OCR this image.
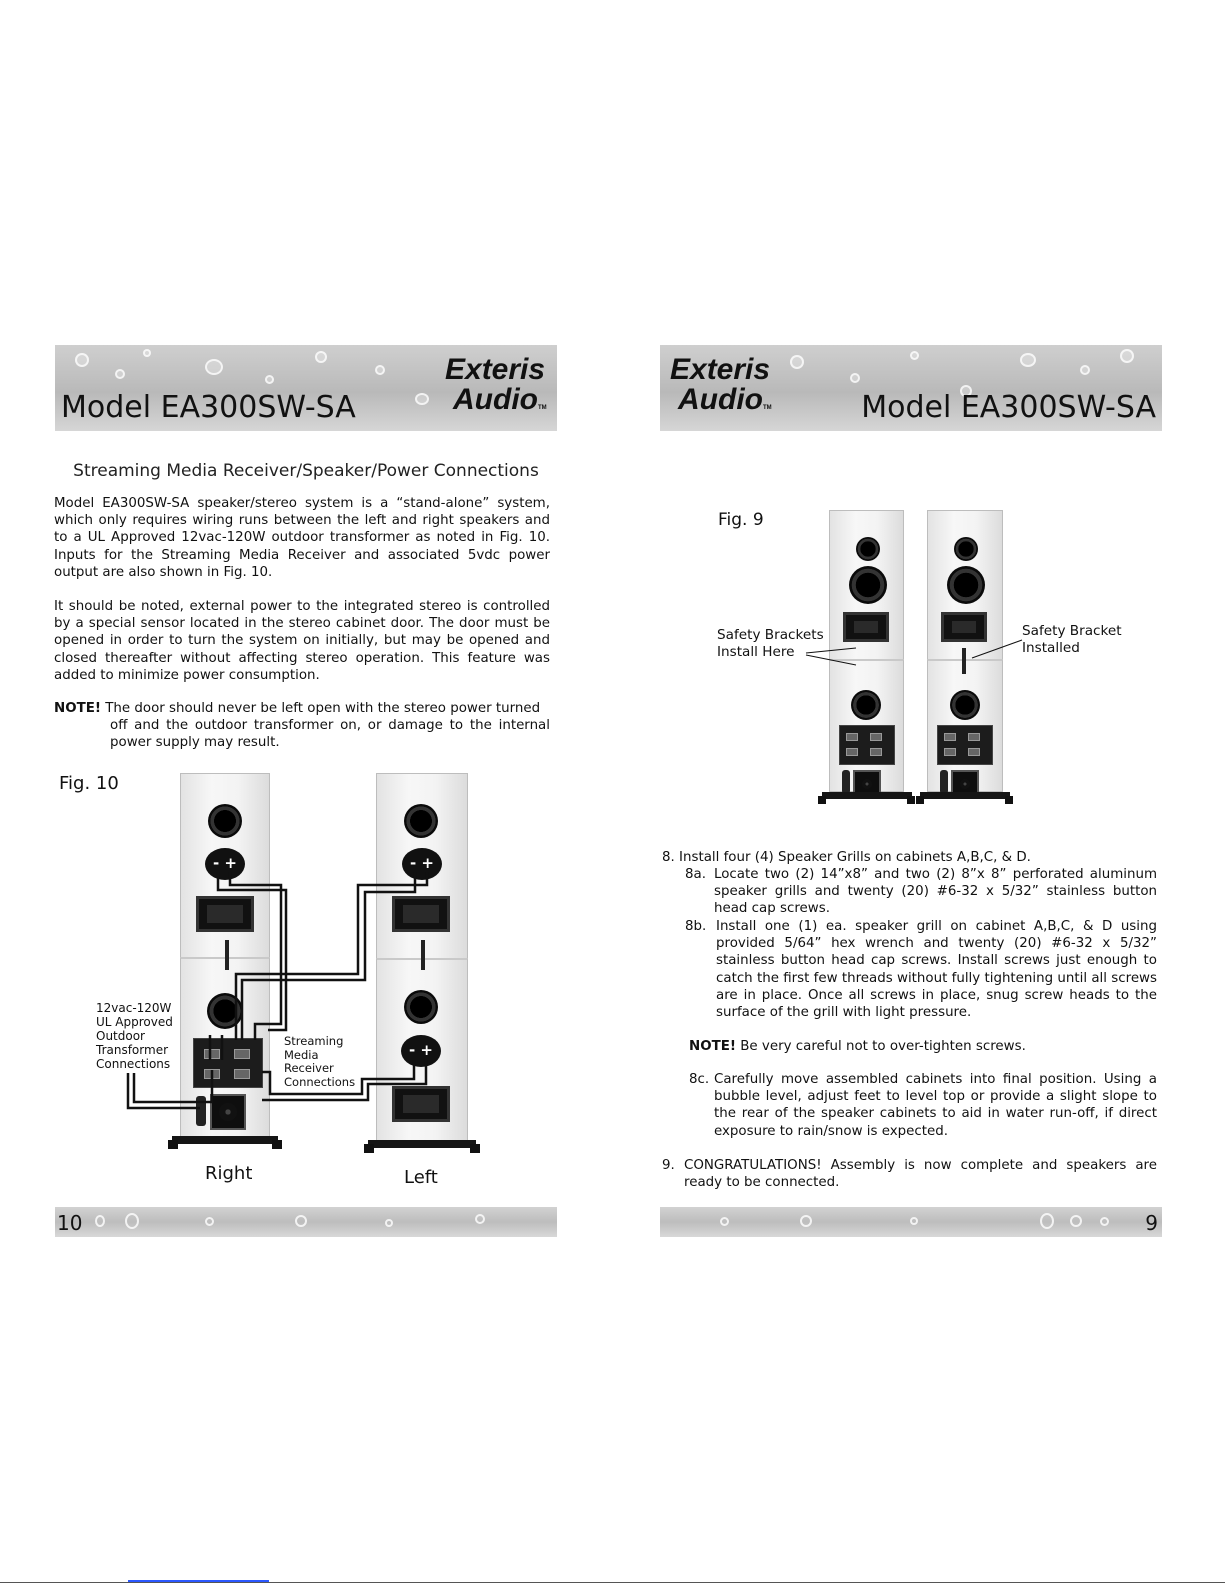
Model EA300SW-SA
Exteris
AudioTM
Streaming Media Receiver/Speaker/Power Connections
Model EA300SW-SA speaker/stereo system is a “stand-alone” system, which only requires wiring runs between the left and right speakers and to a UL Approved 12vac-120W outdoor transformer as noted in Fig. 10. Inputs for the Streaming Media Receiver and associated 5vdc power output are also shown in Fig. 10.
It should be noted, external power to the integrated stereo is controlled by a special sensor located in the stereo cabinet door. The door must be opened in order to turn the system on initially, but may be opened and closed thereafter without affecting stereo operation. This feature was added to minimize power consumption.
NOTE! The door should never be left open with the stereo power turned
off and the outdoor transformer on, or damage to the internal
power supply may result.
Fig. 10
- +	- +
- +
12vac-120W
UL Approved
Outdoor
Transformer
Connections
Streaming
Media
Receiver
Connections
Right	Left
10
Exteris
AudioTM	Model EA300SW-SA
Fig. 9
Safety Brackets
Install Here
Safety Bracket
Installed
8. Install four (4) Speaker Grills on cabinets A,B,C, & D.
8a. Locate two (2) 14”x8” and two (2) 8”x 8” perforated aluminum speaker grills and twenty (20) #6-32 x 5/32” stainless button head cap screws.
8b. Install one (1) ea. speaker grill on cabinet A,B,C, & D using provided 5/64” hex wrench and twenty (20) #6-32 x 5/32” stainless button head cap screws. Install screws just enough to catch the first few threads without fully tightening until all screws are in place. Once all screws in place, snug screw heads to the surface of the grill with light pressure.
NOTE! Be very careful not to over-tighten screws.
8c. Carefully move assembled cabinets into final position. Using a bubble level, adjust feet to level top or provide a slight slope to the rear of the speaker cabinets to aid in water run-off, if direct exposure to rain/snow is expected.
9. CONGRATULATIONS! Assembly is now complete and speakers are ready to be connected.
9
